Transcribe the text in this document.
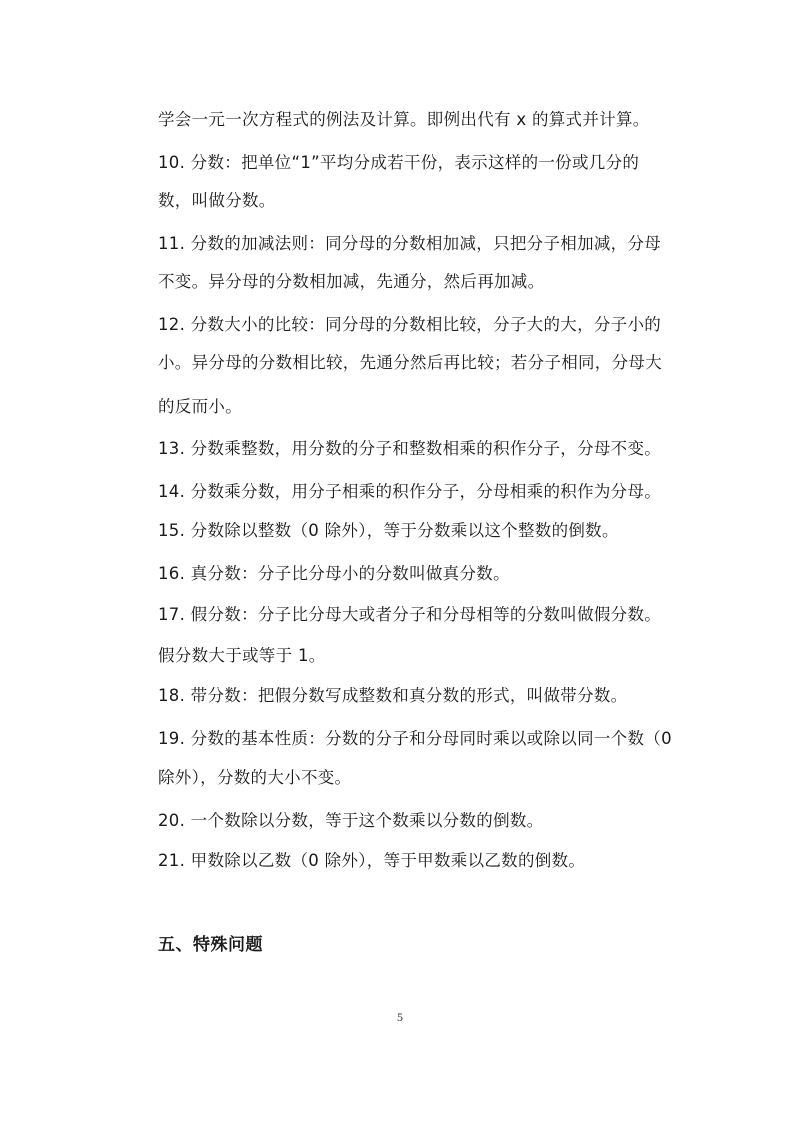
学会一元一次方程式的例法及计算。即例出代有 x 的算式并计算。
10. 分数：把单位“1”平均分成若干份，表示这样的一份或几分的
数，叫做分数。
11. 分数的加减法则：同分母的分数相加减，只把分子相加减，分母
不变。异分母的分数相加减，先通分，然后再加减。
12. 分数大小的比较：同分母的分数相比较，分子大的大，分子小的
小。异分母的分数相比较，先通分然后再比较；若分子相同，分母大
的反而小。
13. 分数乘整数，用分数的分子和整数相乘的积作分子，分母不变。
14. 分数乘分数，用分子相乘的积作分子，分母相乘的积作为分母。
15. 分数除以整数（0 除外），等于分数乘以这个整数的倒数。
16. 真分数：分子比分母小的分数叫做真分数。
17. 假分数：分子比分母大或者分子和分母相等的分数叫做假分数。
假分数大于或等于 1。
18. 带分数：把假分数写成整数和真分数的形式，叫做带分数。
19. 分数的基本性质：分数的分子和分母同时乘以或除以同一个数（0
除外），分数的大小不变。
20. 一个数除以分数，等于这个数乘以分数的倒数。
21. 甲数除以乙数（0 除外），等于甲数乘以乙数的倒数。
五、特殊问题
5
